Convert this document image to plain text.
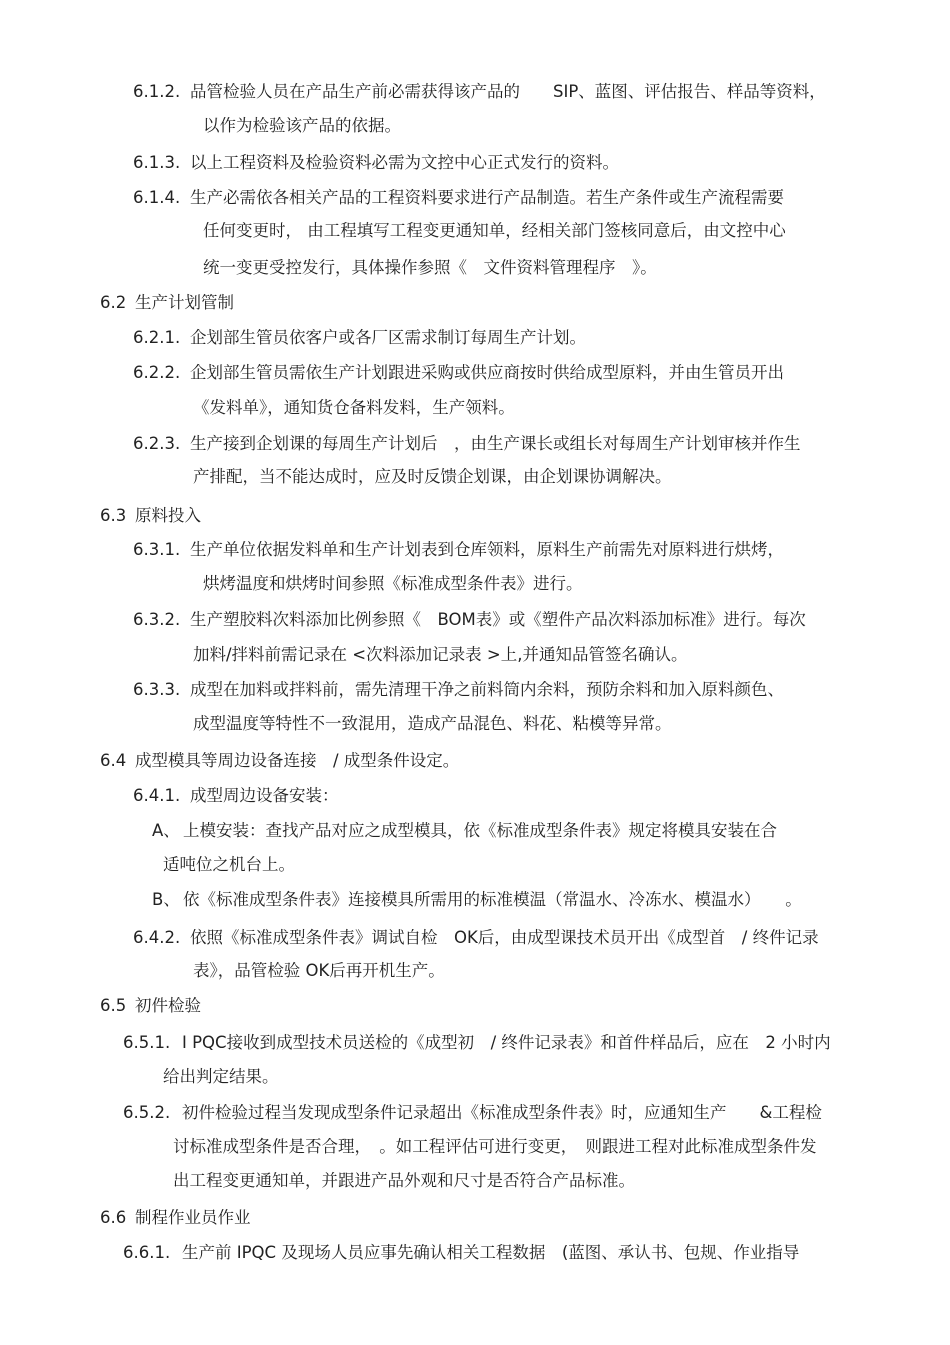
6.1.2. 品管检验人员在产品生产前必需获得该产品的　　SIP、蓝图、评估报告、样品等资料，
以作为检验该产品的依据。
6.1.3. 以上工程资料及检验资料必需为文控中心正式发行的资料。
6.1.4. 生产必需依各相关产品的工程资料要求进行产品制造。若生产条件或生产流程需要
任何变更时， 由工程填写工程变更通知单，经相关部门签核同意后，由文控中心
统一变更受控发行，具体操作参照《　文件资料管理程序　》。
6.2 生产计划管制
6.2.1. 企划部生管员依客户或各厂区需求制订每周生产计划。
6.2.2. 企划部生管员需依生产计划跟进采购或供应商按时供给成型原料，并由生管员开出
《发料单》，通知货仓备料发料，生产领料。
6.2.3. 生产接到企划课的每周生产计划后　，由生产课长或组长对每周生产计划审核并作生
产排配，当不能达成时，应及时反馈企划课，由企划课协调解决。
6.3 原料投入
6.3.1. 生产单位依据发料单和生产计划表到仓库领料，原料生产前需先对原料进行烘烤，
烘烤温度和烘烤时间参照《标准成型条件表》进行。
6.3.2. 生产塑胶料次料添加比例参照《　BOM表》或《塑件产品次料添加标准》进行。每次
加料/拌料前需记录在 <次料添加记录表 >上,并通知品管签名确认。
6.3.3. 成型在加料或拌料前，需先清理干净之前料筒内余料，预防余料和加入原料颜色、
成型温度等特性不一致混用，造成产品混色、料花、粘模等异常。
6.4 成型模具等周边设备连接　/ 成型条件设定。
6.4.1. 成型周边设备安装：
A、 上模安装：查找产品对应之成型模具，依《标准成型条件表》规定将模具安装在合
适吨位之机台上。
B、 依《标准成型条件表》连接模具所需用的标准模温（常温水、冷冻水、模温水）　　。
6.4.2. 依照《标准成型条件表》调试自检　OK后，由成型课技术员开出《成型首　/ 终件记录
表》，品管检验 OK后再开机生产。
6.5 初件检验
6.5.1. I PQC接收到成型技术员送检的《成型初　/ 终件记录表》和首件样品后，应在　2 小时内
给出判定结果。
6.5.2. 初件检验过程当发现成型条件记录超出《标准成型条件表》时，应通知生产　　&工程检
讨标准成型条件是否合理，　。如工程评估可进行变更，　则跟进工程对此标准成型条件发
出工程变更通知单，并跟进产品外观和尺寸是否符合产品标准。
6.6 制程作业员作业
6.6.1. 生产前 IPQC 及现场人员应事先确认相关工程数据　(蓝图、承认书、包规、作业指导
